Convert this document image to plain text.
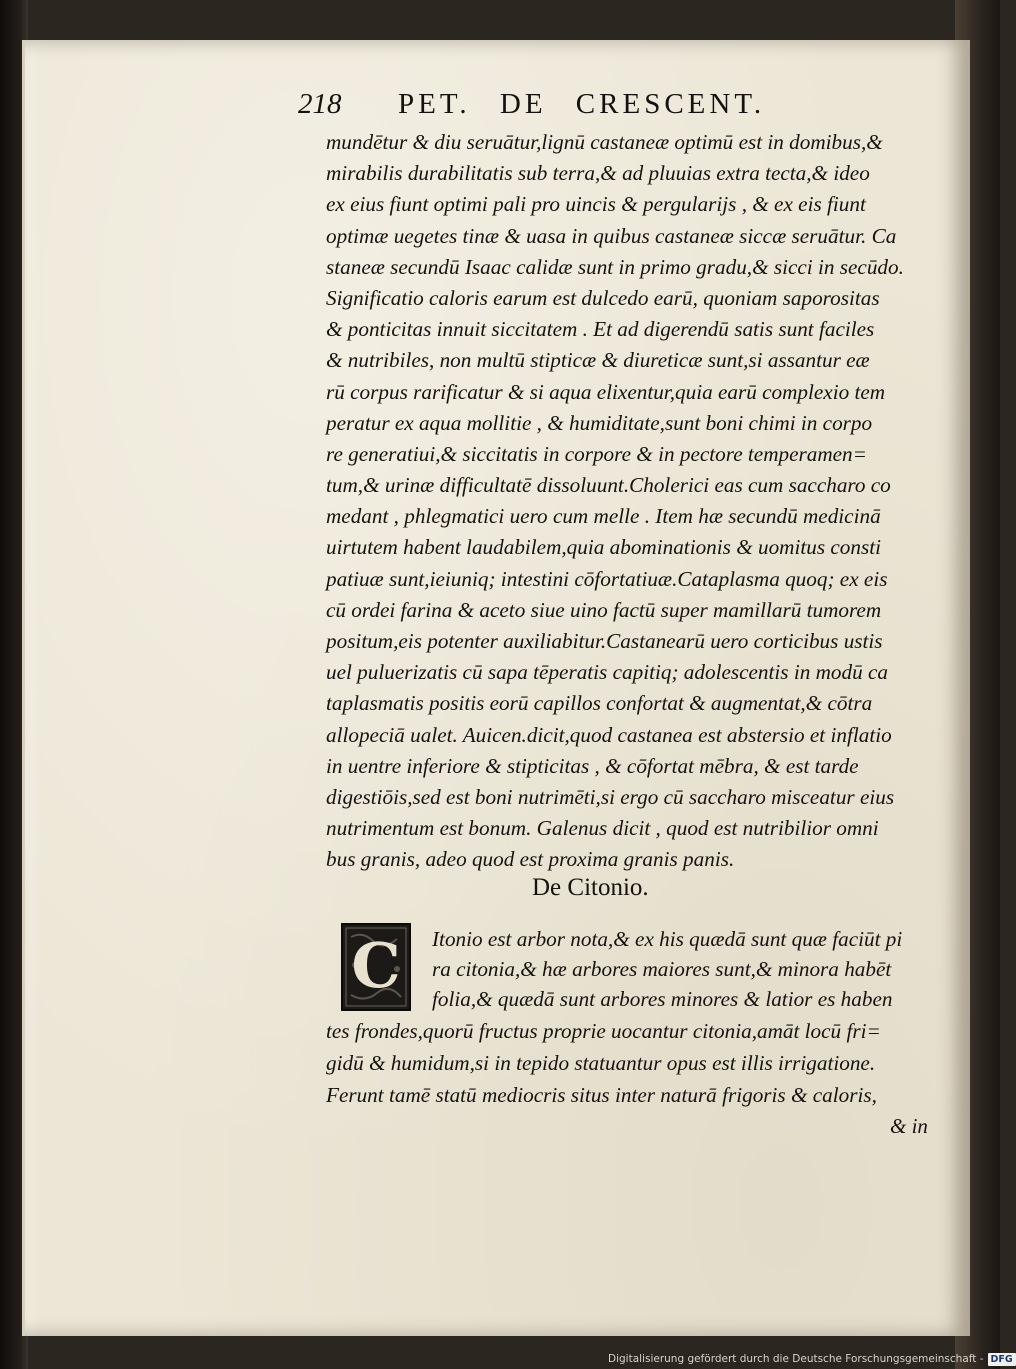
218 PET. DE CRESCENT.
mundētur & diu seruātur,lignū castaneæ optimū est in domibus,&
mirabilis durabilitatis sub terra,& ad pluuias extra tecta,& ideo
ex eius fiunt optimi pali pro uincis & pergularijs , & ex eis fiunt
optimæ uegetes tinæ & uasa in quibus castaneæ siccæ seruātur. Ca
staneæ secundū Isaac calidæ sunt in primo gradu,& sicci in secūdo.
Significatio caloris earum est dulcedo earū, quoniam saporositas
& ponticitas innuit siccitatem . Et ad digerendū satis sunt faciles
& nutribiles, non multū stipticæ & diureticæ sunt,si assantur eæ
rū corpus rarificatur & si aqua elixentur,quia earū complexio tem
peratur ex aqua mollitie , & humiditate,sunt boni chimi in corpo
re generatiui,& siccitatis in corpore & in pectore temperamen=
tum,& urinæ difficultatē dissoluunt.Cholerici eas cum saccharo co
medant , phlegmatici uero cum melle . Item hæ secundū medicinā
uirtutem habent laudabilem,quia abominationis & uomitus consti
patiuæ sunt,ieiuniq; intestini cōfortatiuæ.Cataplasma quoq; ex eis
cū ordei farina & aceto siue uino factū super mamillarū tumorem
positum,eis potenter auxiliabitur.Castanearū uero corticibus ustis
uel puluerizatis cū sapa tēperatis capitiq; adolescentis in modū ca
taplasmatis positis eorū capillos confortat & augmentat,& cōtra
allopeciā ualet. Auicen.dicit,quod castanea est abstersio et inflatio
in uentre inferiore & stipticitas , & cōfortat mēbra, & est tarde
digestiōis,sed est boni nutrimēti,si ergo cū saccharo misceatur eius
nutrimentum est bonum. Galenus dicit , quod est nutribilior omni
bus granis, adeo quod est proxima granis panis.
De Citonio.
C	Itonio est arbor nota,& ex his quædā sunt quæ faciūt pi
ra citonia,& hæ arbores maiores sunt,& minora habēt
folia,& quædā sunt arbores minores & latior es haben
tes frondes,quorū fructus proprie uocantur citonia,amāt locū fri=
gidū & humidum,si in tepido statuantur opus est illis irrigatione.
Ferunt tamē statū mediocris situs inter naturā frigoris & caloris,
& in
Digitalisierung gefördert durch die Deutsche Forschungsgemeinschaft - DFG
